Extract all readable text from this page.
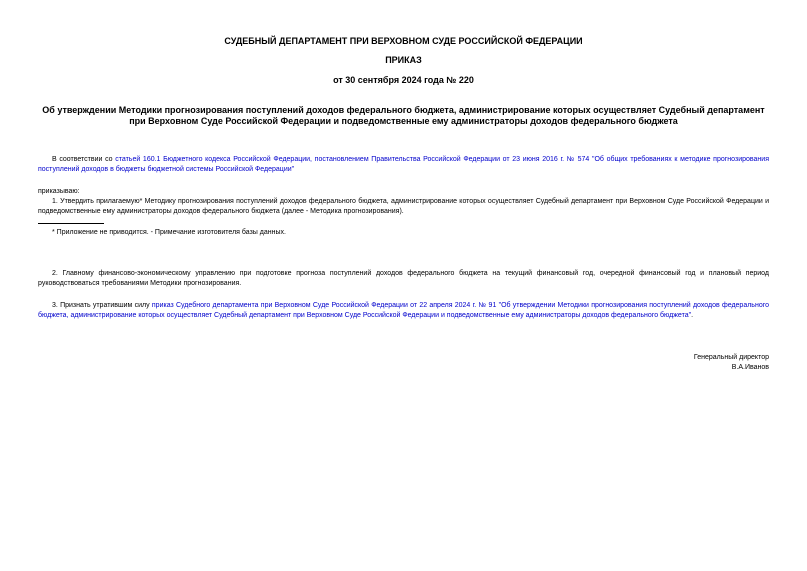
СУДЕБНЫЙ ДЕПАРТАМЕНТ ПРИ ВЕРХОВНОМ СУДЕ РОССИЙСКОЙ ФЕДЕРАЦИИ
ПРИКАЗ
от 30 сентября 2024 года № 220
Об утверждении Методики прогнозирования поступлений доходов федерального бюджета, администрирование которых осуществляет Судебный департамент при Верховном Суде Российской Федерации и подведомственные ему администраторы доходов федерального бюджета
В соответствии со статьей 160.1 Бюджетного кодекса Российской Федерации, постановлением Правительства Российской Федерации от 23 июня 2016 г. № 574 "Об общих требованиях к методике прогнозирования поступлений доходов в бюджеты бюджетной системы Российской Федерации"
приказываю:
1. Утвердить прилагаемую* Методику прогнозирования поступлений доходов федерального бюджета, администрирование которых осуществляет Судебный департамент при Верховном Суде Российской Федерации и подведомственные ему администраторы доходов федерального бюджета (далее - Методика прогнозирования).
* Приложение не приводится. - Примечание изготовителя базы данных.
2. Главному финансово-экономическому управлению при подготовке прогноза поступлений доходов федерального бюджета на текущий финансовый год, очередной финансовый год и плановый период руководствоваться требованиями Методики прогнозирования.
3. Признать утратившим силу приказ Судебного департамента при Верховном Суде Российской Федерации от 22 апреля 2024 г. № 91 "Об утверждении Методики прогнозирования поступлений доходов федерального бюджета, администрирование которых осуществляет Судебный департамент при Верховном Суде Российской Федерации и подведомственные ему администраторы доходов федерального бюджета".
Генеральный директор
В.А.Иванов
